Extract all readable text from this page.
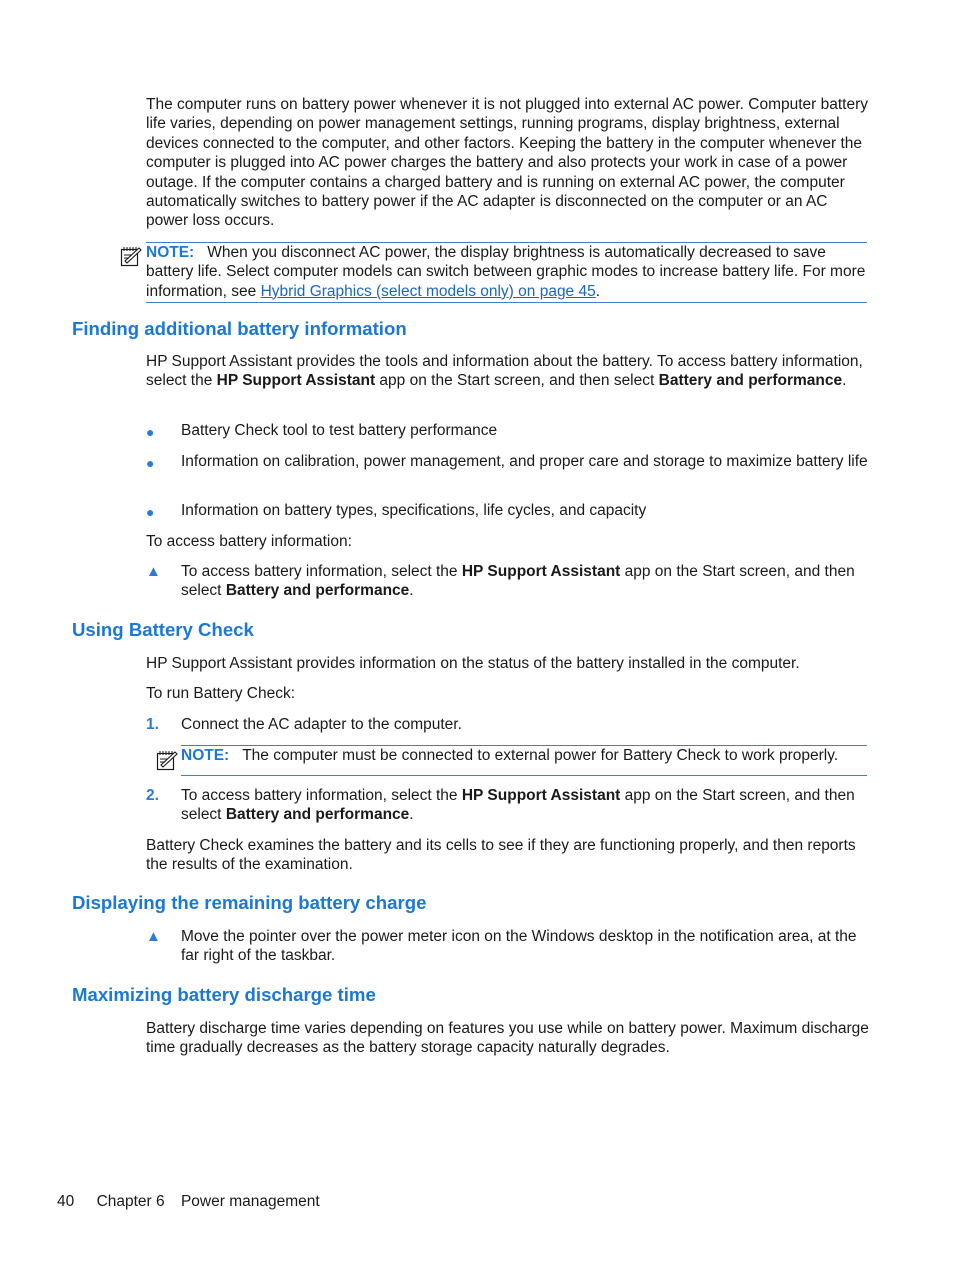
The computer runs on battery power whenever it is not plugged into external AC power. Computer battery life varies, depending on power management settings, running programs, display brightness, external devices connected to the computer, and other factors. Keeping the battery in the computer whenever the computer is plugged into AC power charges the battery and also protects your work in case of a power outage. If the computer contains a charged battery and is running on external AC power, the computer automatically switches to battery power if the AC adapter is disconnected on the computer or an AC power loss occurs.

NOTE: When you disconnect AC power, the display brightness is automatically decreased to save battery life. Select computer models can switch between graphic modes to increase battery life. For more information, see Hybrid Graphics (select models only) on page 45.
Finding additional battery information

HP Support Assistant provides the tools and information about the battery. To access battery information, select the HP Support Assistant app on the Start screen, and then select Battery and performance.

● Battery Check tool to test battery performance

● Information on calibration, power management, and proper care and storage to maximize battery life

● Information on battery types, specifications, life cycles, and capacity

To access battery information:

▲ To access battery information, select the HP Support Assistant app on the Start screen, and then select Battery and performance.

Using Battery Check

HP Support Assistant provides information on the status of the battery installed in the computer.

To run Battery Check:

1. Connect the AC adapter to the computer.

NOTE: The computer must be connected to external power for Battery Check to work properly.
2. To access battery information, select the HP Support Assistant app on the Start screen, and then select Battery and performance.

Battery Check examines the battery and its cells to see if they are functioning properly, and then reports the results of the examination.

Displaying the remaining battery charge
▲ Move the pointer over the power meter icon on the Windows desktop in the notification area, at the far right of the taskbar.

Maximizing battery discharge time

Battery discharge time varies depending on features you use while on battery power. Maximum discharge time gradually decreases as the battery storage capacity naturally degrades.

40 Chapter 6 Power management
